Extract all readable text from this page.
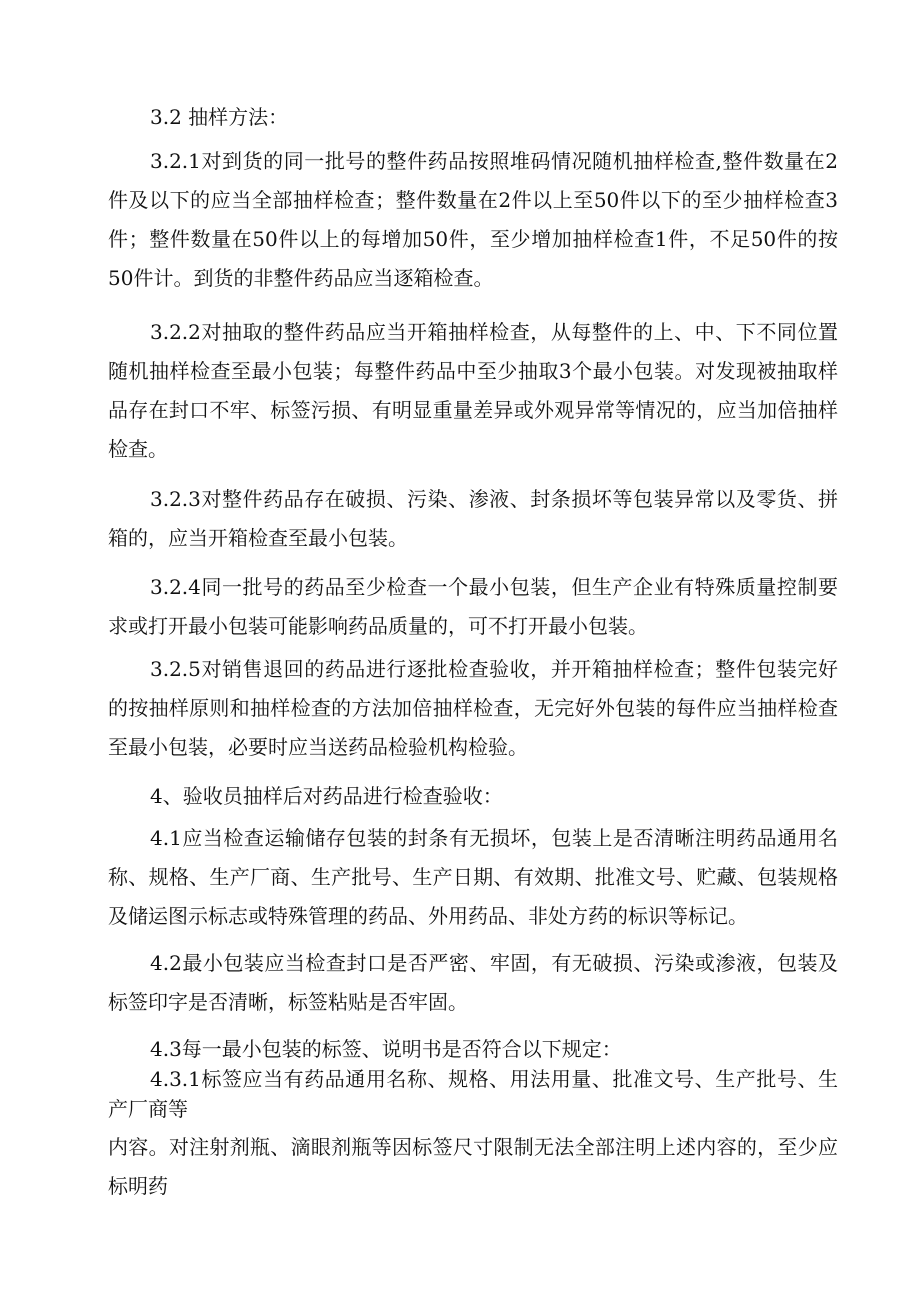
3.2 抽样方法：

3.2.1对到货的同一批号的整件药品按照堆码情况随机抽样检查,整件数量在2件及以下的应当全部抽样检查；整件数量在2件以上至50件以下的至少抽样检查3件；整件数量在50件以上的每增加50件，至少增加抽样检查1件，不足50件的按50件计。到货的非整件药品应当逐箱检查。

3.2.2对抽取的整件药品应当开箱抽样检查，从每整件的上、中、下不同位置随机抽样检查至最小包装；每整件药品中至少抽取3个最小包装。对发现被抽取样品存在封口不牢、标签污损、有明显重量差异或外观异常等情况的，应当加倍抽样检查。

3.2.3对整件药品存在破损、污染、渗液、封条损坏等包装异常以及零货、拼箱的，应当开箱检查至最小包装。

3.2.4同一批号的药品至少检查一个最小包装，但生产企业有特殊质量控制要求或打开最小包装可能影响药品质量的，可不打开最小包装。

3.2.5对销售退回的药品进行逐批检查验收，并开箱抽样检查；整件包装完好的按抽样原则和抽样检查的方法加倍抽样检查，无完好外包装的每件应当抽样检查至最小包装，必要时应当送药品检验机构检验。

4、验收员抽样后对药品进行检查验收：

4.1应当检查运输储存包装的封条有无损坏，包装上是否清晰注明药品通用名称、规格、生产厂商、生产批号、生产日期、有效期、批准文号、贮藏、包装规格及储运图示标志或特殊管理的药品、外用药品、非处方药的标识等标记。

4.2最小包装应当检查封口是否严密、牢固，有无破损、污染或渗液，包装及标签印字是否清晰，标签粘贴是否牢固。

4.3每一最小包装的标签、说明书是否符合以下规定：

4.3.1标签应当有药品通用名称、规格、用法用量、批准文号、生产批号、生产厂商等

内容。对注射剂瓶、滴眼剂瓶等因标签尺寸限制无法全部注明上述内容的，至少应标明药
